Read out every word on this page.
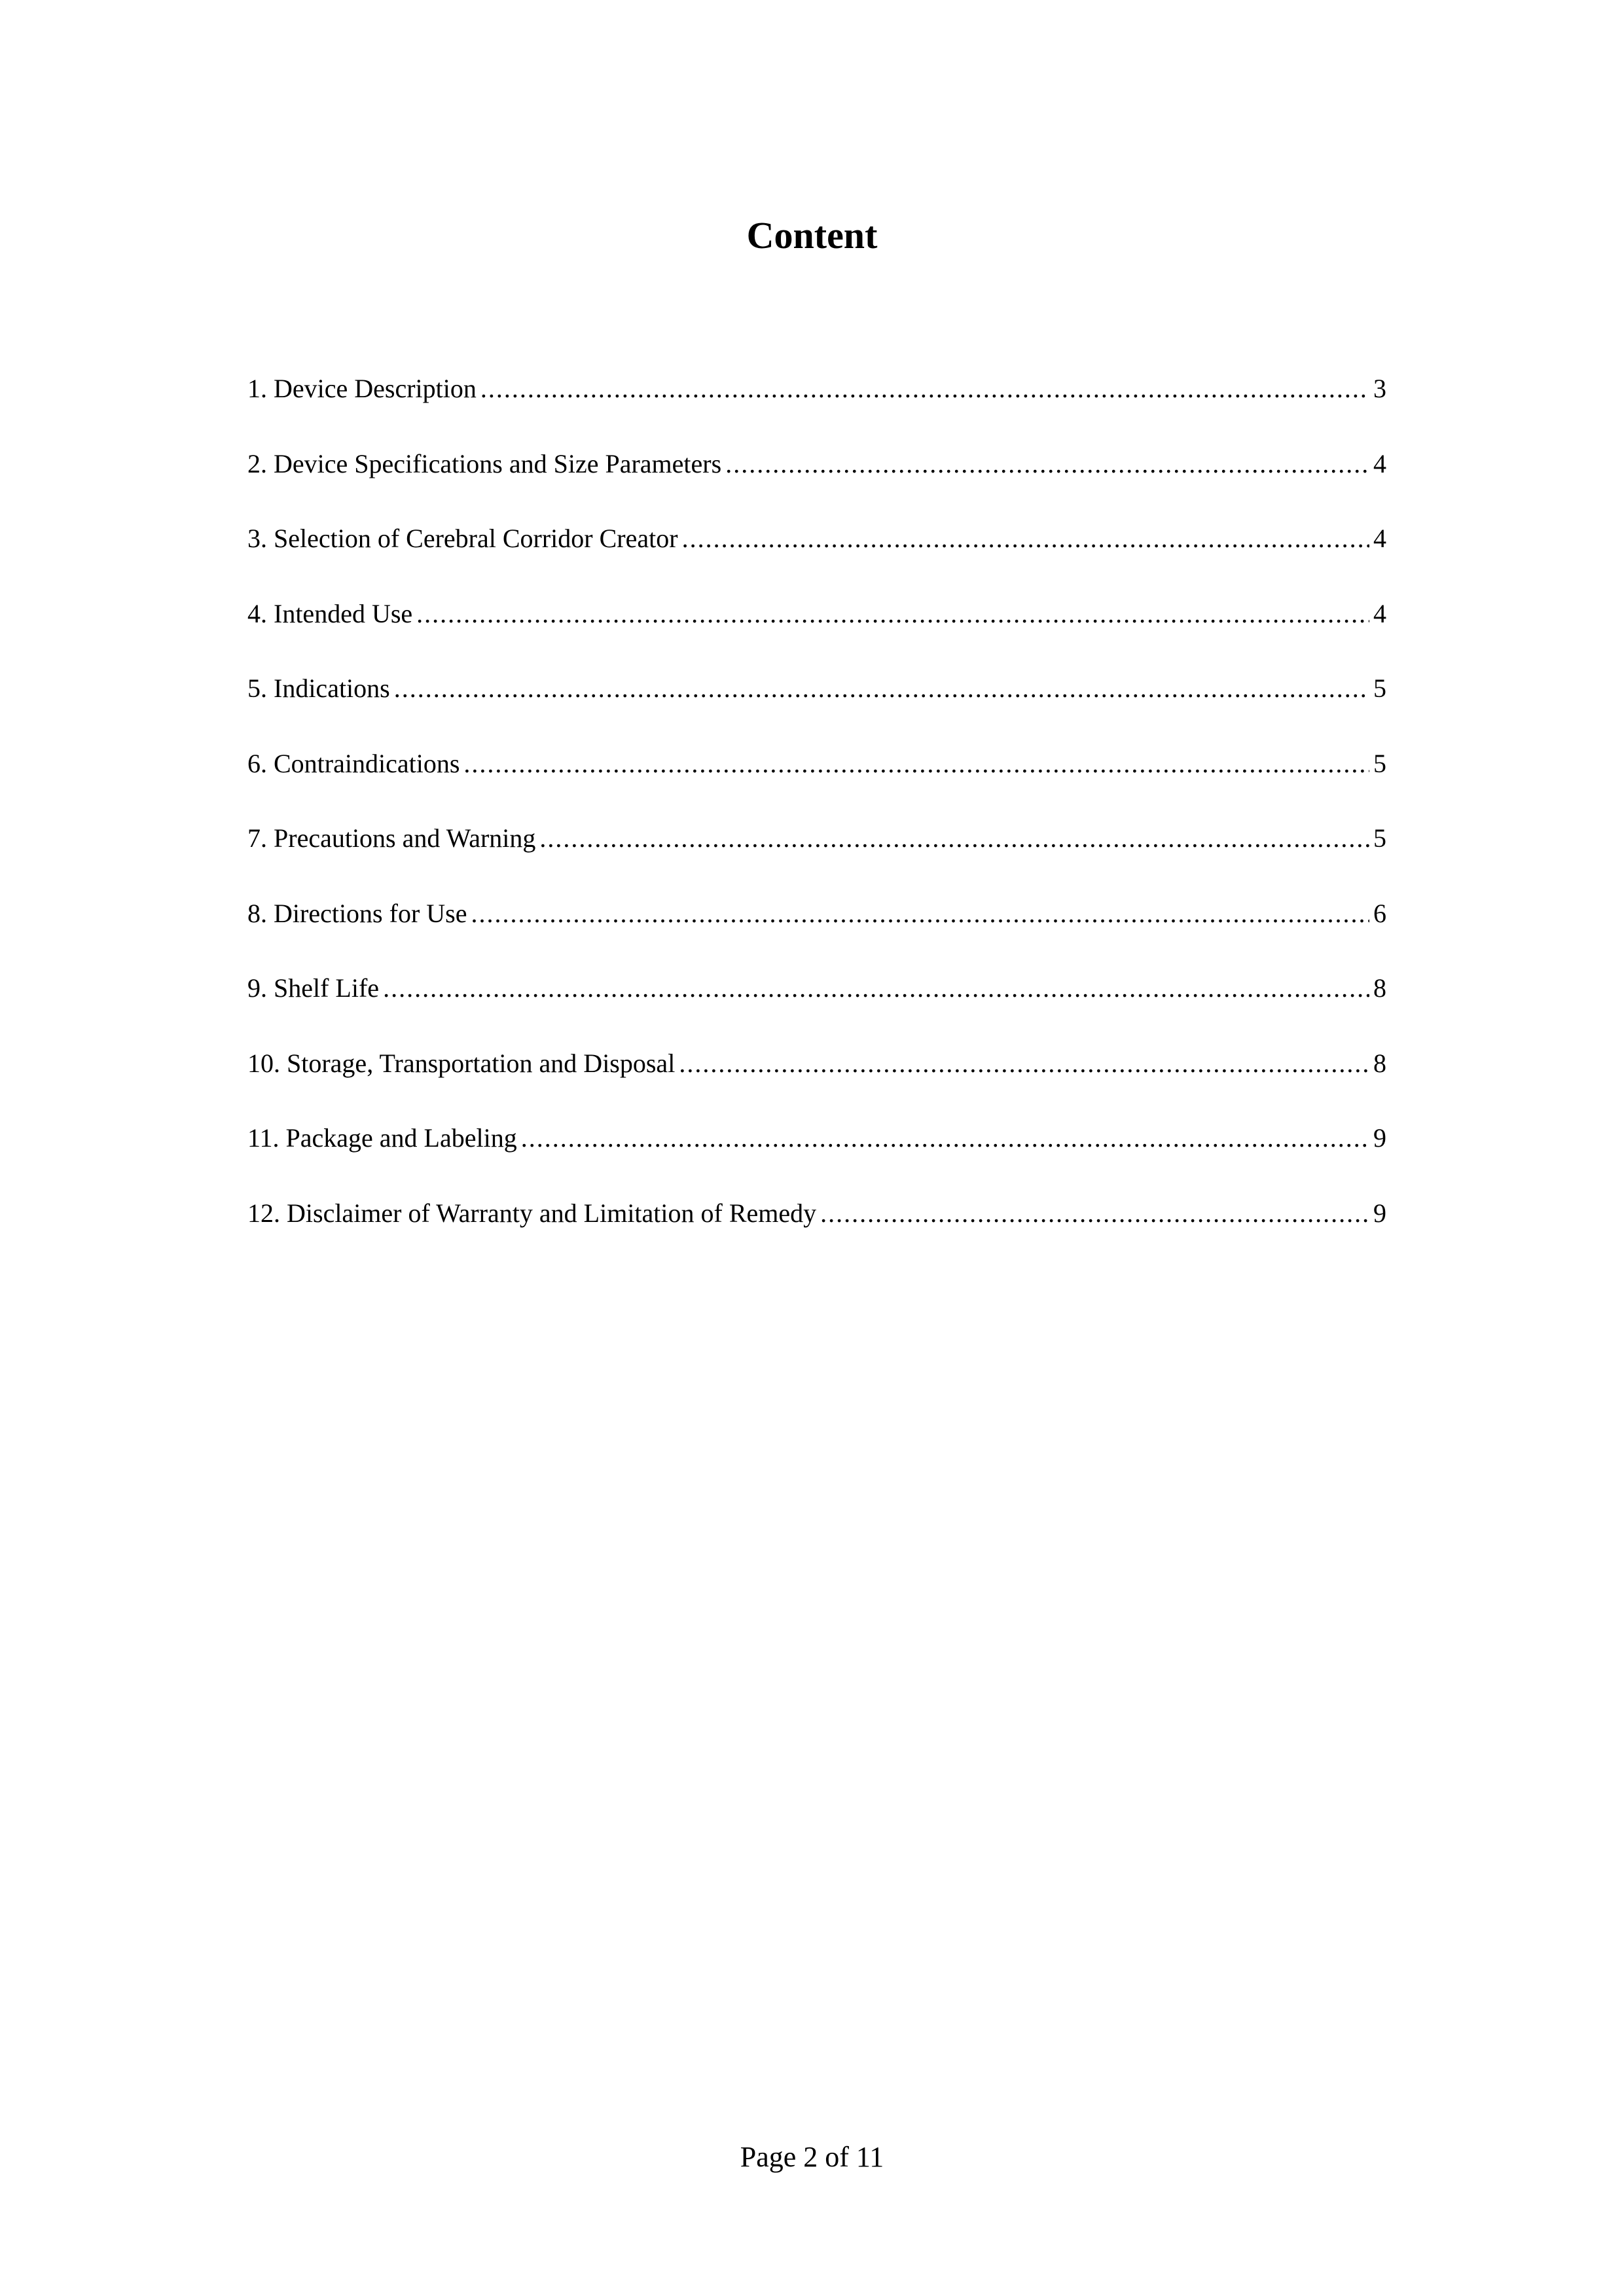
Content
1. Device Description .....	3
2. Device Specifications and Size Parameters .....	4
3. Selection of Cerebral Corridor Creator .....	4
4. Intended Use .....	4
5. Indications .....	5
6. Contraindications .....	5
7. Precautions and Warning .....	5
8. Directions for Use .....	6
9. Shelf Life .....	8
10. Storage, Transportation and Disposal .....	8
11. Package and Labeling .....	9
12. Disclaimer of Warranty and Limitation of Remedy .....	9

Page 2 of 11
